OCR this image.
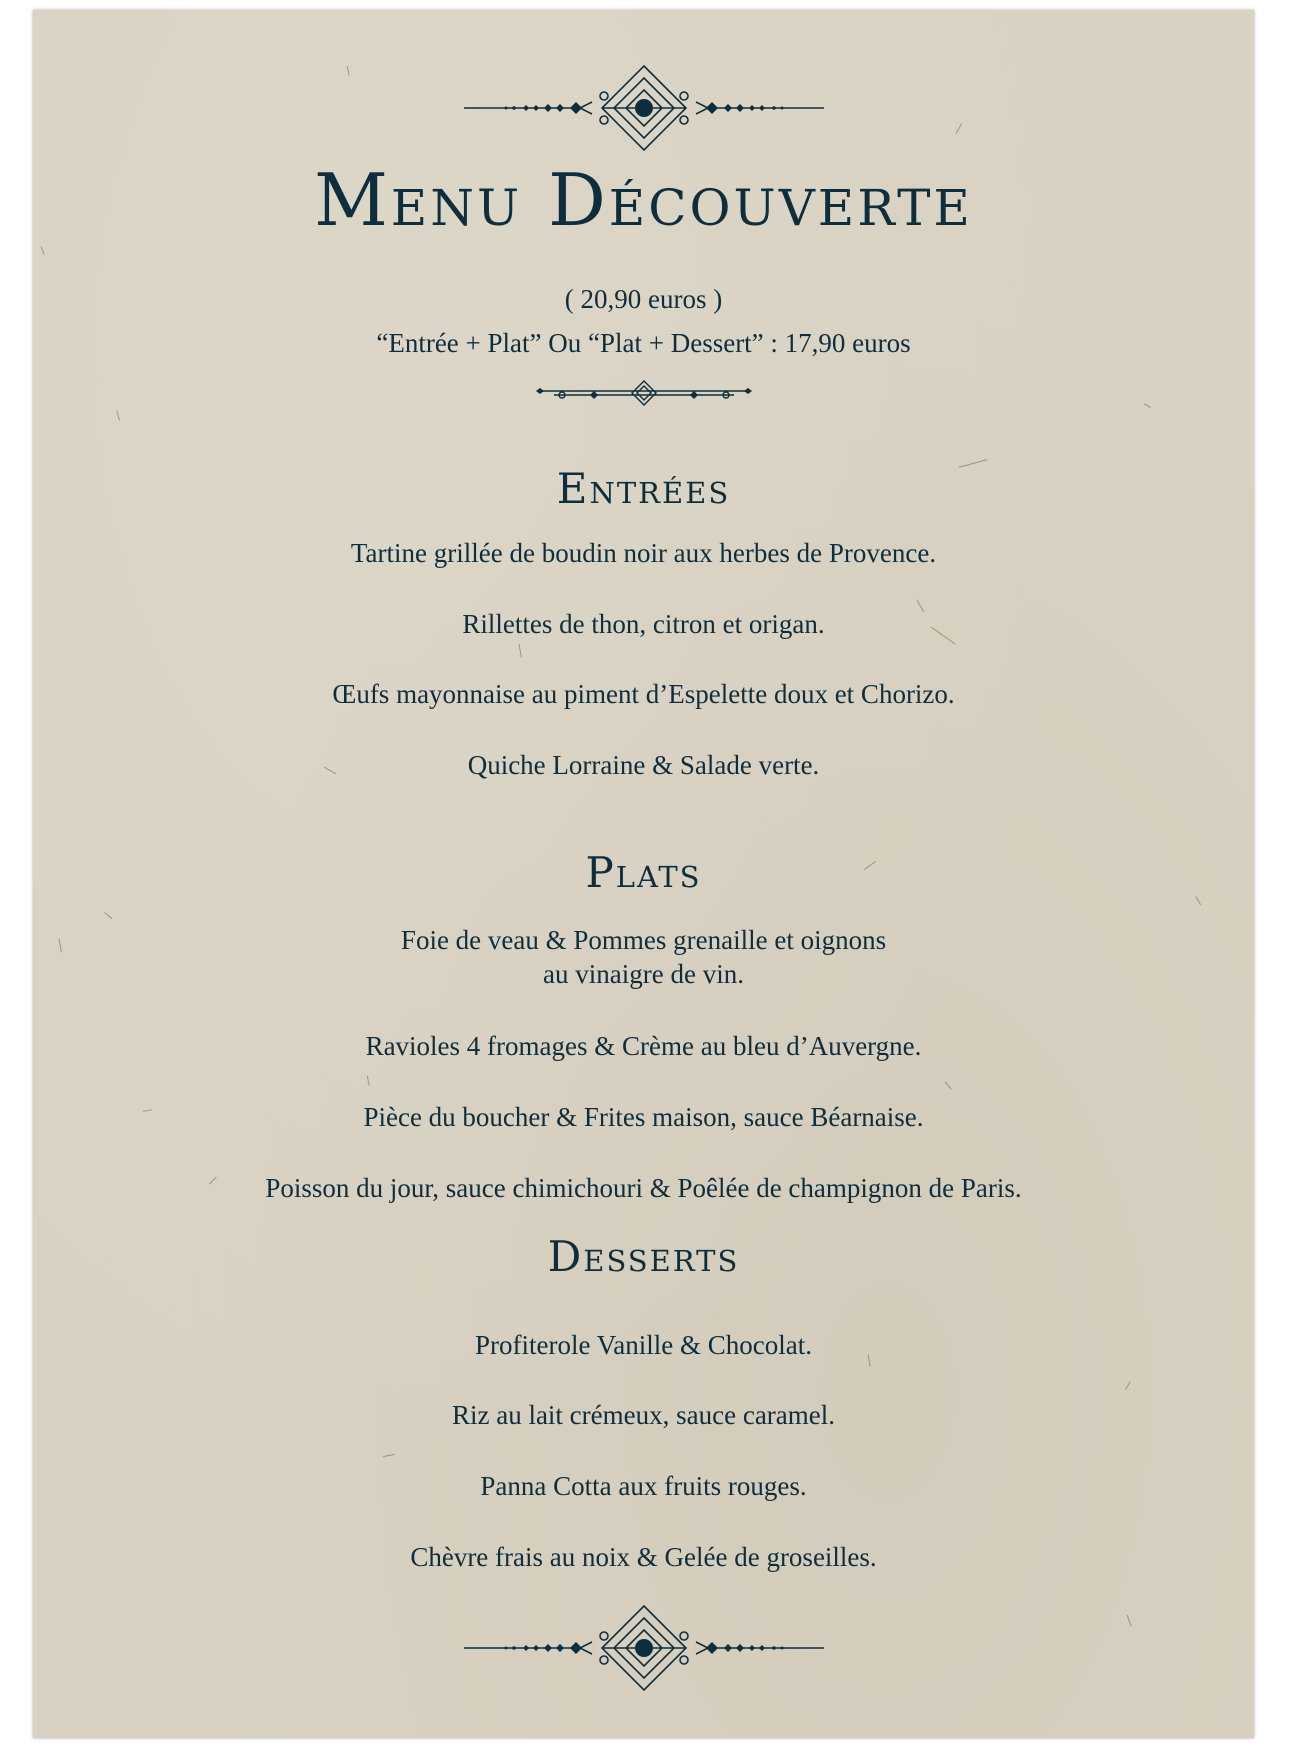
Menu Découverte
( 20,90 euros )
“Entrée + Plat” Ou “Plat + Dessert” : 17,90 euros
Entrées
Tartine grillée de boudin noir aux herbes de Provence.
Rillettes de thon, citron et origan.
Œufs mayonnaise au piment d’Espelette doux et Chorizo.
Quiche Lorraine & Salade verte.
Plats
Foie de veau & Pommes grenaille et oignons
au vinaigre de vin.
Ravioles 4 fromages & Crème au bleu d’Auvergne.
Pièce du boucher & Frites maison, sauce Béarnaise.
Poisson du jour, sauce chimichouri & Poêlée de champignon de Paris.
Desserts
Profiterole Vanille & Chocolat.
Riz au lait crémeux, sauce caramel.
Panna Cotta aux fruits rouges.
Chèvre frais au noix & Gelée de groseilles.
